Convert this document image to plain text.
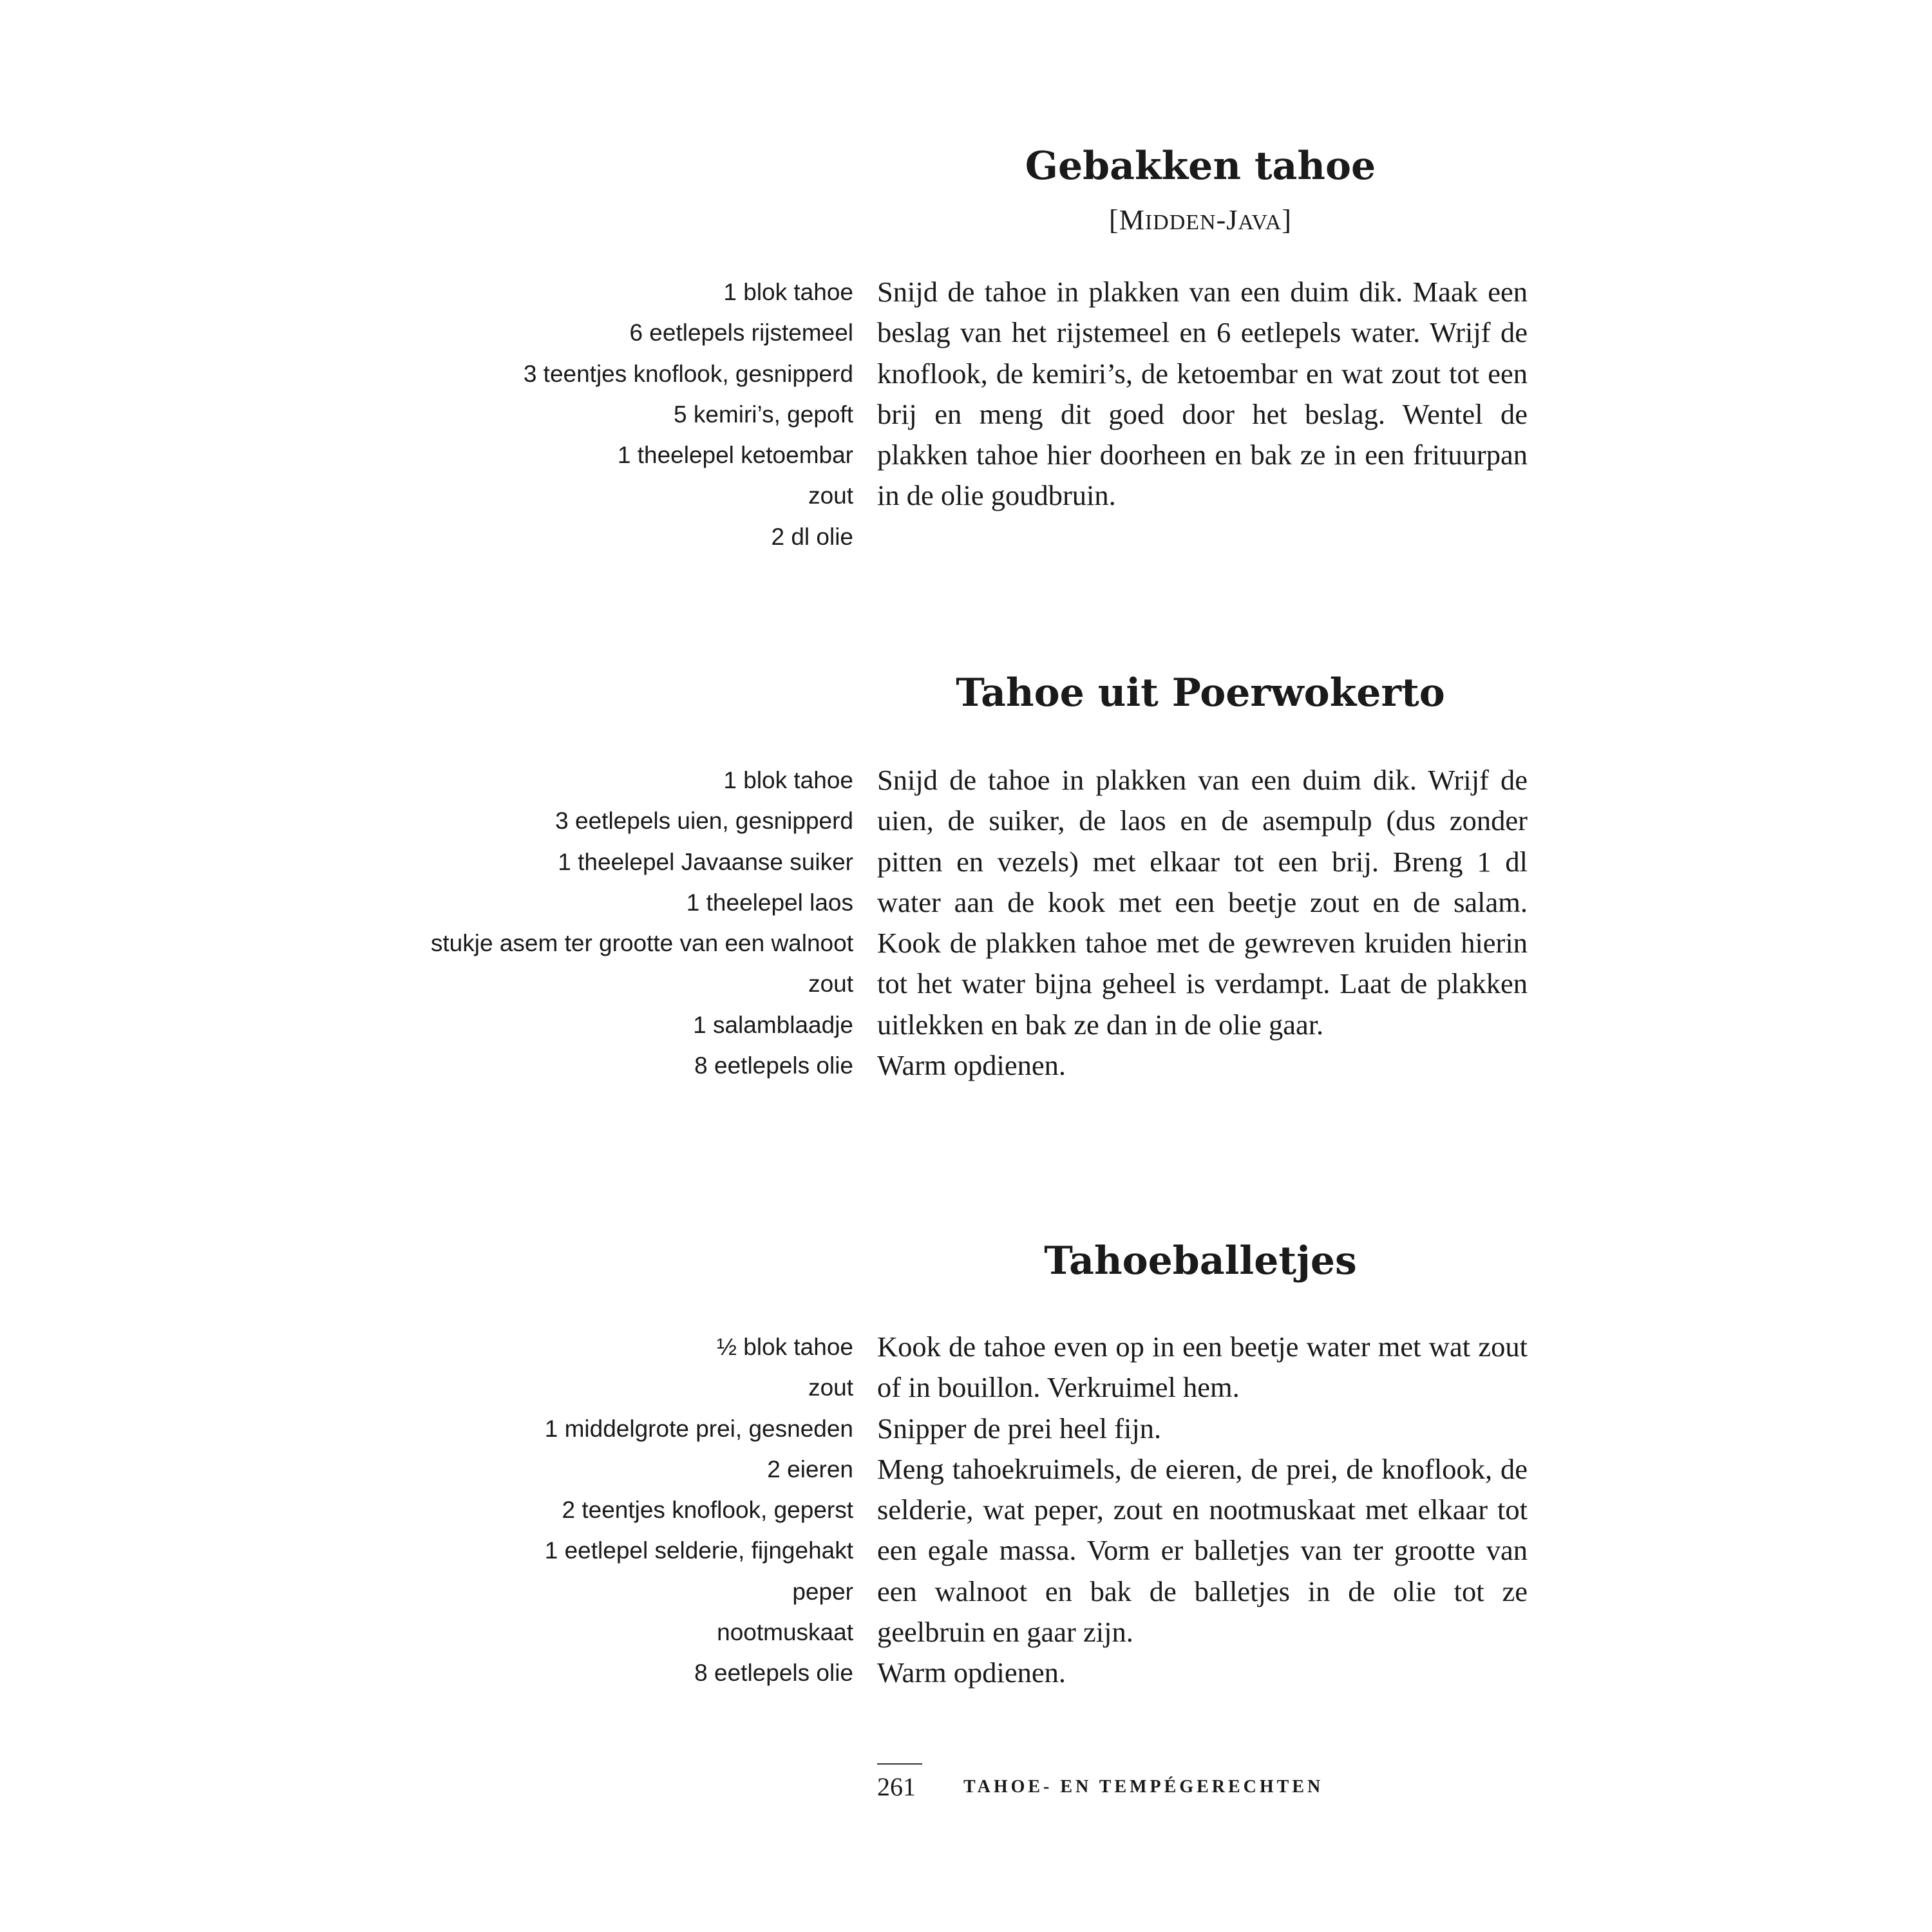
Gebakken tahoe
[MIDDEN-JAVA]
1 blok tahoe
6 eetlepels rijstemeel
3 teentjes knoflook, gesnipperd
5 kemiri’s, gepoft
1 theelepel ketoembar
zout
2 dl olie

Snijd de tahoe in plakken van een duim dik. Maak een beslag van het rijstemeel en 6 eetlepels water. Wrijf de knoflook, de kemiri’s, de ketoembar en wat zout tot een brij en meng dit goed door het beslag. Wentel de plakken tahoe hier doorheen en bak ze in een frituurpan in de olie goudbruin.

Tahoe uit Poerwokerto
1 blok tahoe
3 eetlepels uien, gesnipperd
1 theelepel Javaanse suiker
1 theelepel laos
stukje asem ter grootte van een walnoot
zout
1 salamblaadje
8 eetlepels olie

Snijd de tahoe in plakken van een duim dik. Wrijf de uien, de suiker, de laos en de asempulp (dus zonder pitten en vezels) met elkaar tot een brij. Breng 1 dl water aan de kook met een beetje zout en de salam. Kook de plakken tahoe met de gewreven kruiden hierin tot het water bijna geheel is verdampt. Laat de plakken uitlekken en bak ze dan in de olie gaar.

Warm opdienen.

Tahoeballetjes
½ blok tahoe
zout
1 middelgrote prei, gesneden
2 eieren
2 teentjes knoflook, geperst
1 eetlepel selderie, fijngehakt
peper
nootmuskaat
8 eetlepels olie

Kook de tahoe even op in een beetje water met wat zout of in bouillon. Verkruimel hem.

Snipper de prei heel fijn.

Meng tahoekruimels, de eieren, de prei, de knoflook, de selderie, wat peper, zout en nootmuskaat met elkaar tot een egale massa. Vorm er balletjes van ter grootte van een walnoot en bak de balletjes in de olie tot ze geelbruin en gaar zijn.

Warm opdienen.

261	TAHOE- EN TEMPÉGERECHTEN
